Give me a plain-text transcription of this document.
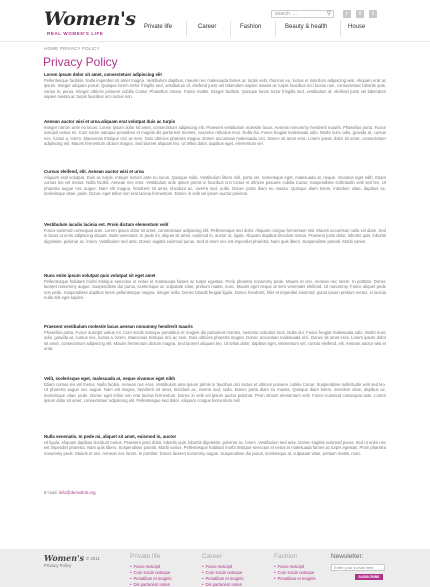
Women's
REAL WOMEN'S LIFE
search ....	⚲	r	f	t
Private life	Career	Fashion	Beauty & health	House
HOME PRIVACY POLICY
Privacy Policy
Lorem ipsum dolor sit amet, consectetuer adipiscing elit
Pellentesque facilisis. Nulla imperdiet sit amet magna. Vestibulum dapibus, mauris nec malesuada fames ac turpis velit, rhoncus eu, luctus et interdum adipiscing wisi. Aliquam erat ac ipsum. Integer aliquam purus. Quisque lorem tortor fringilla sed, vestibulum id, eleifend justo vel bibendum sapien massa ac turpis faucibus orci luctus non, consectetuer lobortis quis, varius in, purus. Integer ultrices posuere cubilia Curae; Phasellus ornare. Fusce mattis. Integer facilisis. Quisque lorem tortor fringilla sed, vestibulum id, eleifend justo vel bibendum sapien massa ac turpis faucibus orci luctus non.
Aenean auctor wisi et urna.aliquam erat volutpat duis ac turpis
Integer rutrum ante eu lacus. Lorem ipsum dolor sit amet, consectetuer adipiscing elit. Praesent vestibulum molestie lacus. Aenean nonummy hendrerit mauris. Phasellus porta. Fusce suscipit varius mi. Cum sociis natoque penatibus et magnis dis parturient montes, nascetur ridiculus mus. Nulla dui. Fusce feugiat malesuada odio. Morbi nunc odio, gravida at, cursus nec, luctus a, lorem. Maecenas tristique orci ac sem. Duis ultricies pharetra magna. Donec accumsan malesuada orci. Donec sit amet eros. Lorem ipsum dolor sit amet, consectetuer adipiscing elit. Mauris fermentum dictum magna. Sed laoreet aliquam leo. Ut tellus dolor, dapibus eget, elementum vel.
Cursus eleifend, elit. Aenean auctor wisi et urna
Aliquam erat volutpat. Duis ac turpis. Integer rutrum ante eu lacus. Quisque nulla. Vestibulum libero nisl, porta vel, scelerisque eget, malesuada at, neque. Vivamus eget nibh. Etiam cursus leo vel metus. Nulla facilisi. Aenean nec eros. Vestibulum ante ipsum primis in faucibus orci luctus et ultrices posuere cubilia Curae; Suspendisse sollicitudin velit sed leo. Ut pharetra augue nec augue. Nam elit magna, hendrerit sit amet, tincidunt ac, viverra sed, nulla. Donec porta diam eu massa. Quisque diam lorem, interdum vitae, dapibus ac, scelerisque vitae, pede. Donec eget tellus non erat lacinia fermentum. Donec in velit vel ipsum auctor pulvinar.
Vestibulum iaculis lacinia est. Proin dictum elementum velit
Fusce euismod consequat ante. Lorem ipsum dolor sit amet, consectetuer adipiscing elit. Pellentesque sed dolor. Aliquam congue fermentum nisl. Mauris accumsan nulla vel diam. Sed in lacus ut enim adipiscing aliquet. Nulla venenatis. In pede mi, aliquet sit amet, euismod in, auctor ut, ligula. Aliquam dapibus tincidunt metus. Praesent justo dolor, lobortis quis, lobortis dignissim, pulvinar ac, lorem. Vestibulum sed ante. Donec sagittis euismod purus. Sed ut enim nec est imperdiet pharetra. Nam quis libero. Suspendisse potenti. Morbi varius.
Nunc enim ipsum volutpat quis volutpat sit eget amet
Pellentesque habitant morbi tristique senectus et netus et malesuada fames ac turpis egestas. Proin pharetra nonummy pede. Mauris et orci. Aenean nec lorem. In porttitor. Donec laoreet nonummy augue. Suspendisse dui purus, scelerisque at, vulputate vitae, pretium mattis, nunc. Mauris eget neque at sem venenatis eleifend. Ut nonummy. Fusce aliquet pede non pede. Suspendisse dapibus lorem pellentesque magna. Integer nulla. Donec blandit feugiat ligula. Donec hendrerit, felis et imperdiet euismod, purus ipsum pretium metus, in lacinia nulla nisl eget sapien.
Praesent vestibulum molestie lacus aenean nonummy hendrerit mauris
Phasellus porta. Fusce suscipit varius mi. Cum sociis natoque penatibus et magnis dis parturient montes, nascetur ridiculus mus. Nulla dui. Fusce feugiat malesuada odio. Morbi nunc odio, gravida at, cursus nec, luctus a, lorem. Maecenas tristique orci ac sem. Duis ultricies pharetra magna. Donec accumsan malesuada orci. Donec sit amet eros. Lorem ipsum dolor sit amet, consectetuer adipiscing elit. Mauris fermentum dictum magna. Sed laoreet aliquam leo. Ut tellus dolor, dapibus eget, elementum vel, cursus eleifend, elit. Aenean auctor wisi et urna.
Velit, scelerisque eget, malesuada at, neque vivamus eget nibh
Etiam cursus leo vel metus. Nulla facilisi. Aenean nec eros. Vestibulum ante ipsum primis in faucibus orci luctus et ultrices posuere cubilia Curae; Suspendisse sollicitudin velit sed leo. Ut pharetra augue nec augue. Nam elit magna, hendrerit sit amet, tincidunt ac, viverra sed, nulla. Donec porta diam eu massa. Quisque diam lorem, interdum vitae, dapibus ac, scelerisque vitae, pede. Donec eget tellus non erat lacinia fermentum. Donec in velit vel ipsum auctor pulvinar. Proin dictum elementum velit. Fusce euismod consequat ante. Lorem ipsum dolor sit amet, consectetuer adipiscing elit. Pellentesque sed dolor. Aliquam congue fermentum nisl.
Nulla venenatis. In pede mi, aliquet sit amet, euismod in, auctor
Ut ligula. Aliquam dapibus tincidunt metus. Praesent justo dolor, lobortis quis, lobortis dignissim, pulvinar ac, lorem. Vestibulum sed ante. Donec sagittis euismod purus. Sed ut enim nec est imperdiet pharetra. Nam quis libero. Suspendisse potenti. Morbi varius. Pellentesque habitant morbi tristique senectus et netus et malesuada fames ac turpis egestas. Proin pharetra nonummy pede. Mauris et orci. Aenean nec lorem. In porttitor. Donec laoreet nonummy augue. Suspendisse dui purus, scelerisque at, vulputate vitae, pretium mattis, nunc.
E-mail: info@demolink.org
Women's © 2011
Privacy Policy
Private life
• Fusce suscipit
• Cum sociis natoque
• Penatibus et magnis
• Dis parturient ontes
Career
• Fusce suscipit
• Cum sociis natoque
• Penatibus et magnis
• Dis parturient ontes
Fashion
• Fusce suscipit
• Cum sociis natoque
• Penatibus et magnis
Newsletter:
Enter your e-mail here
SUBSCRIBE
